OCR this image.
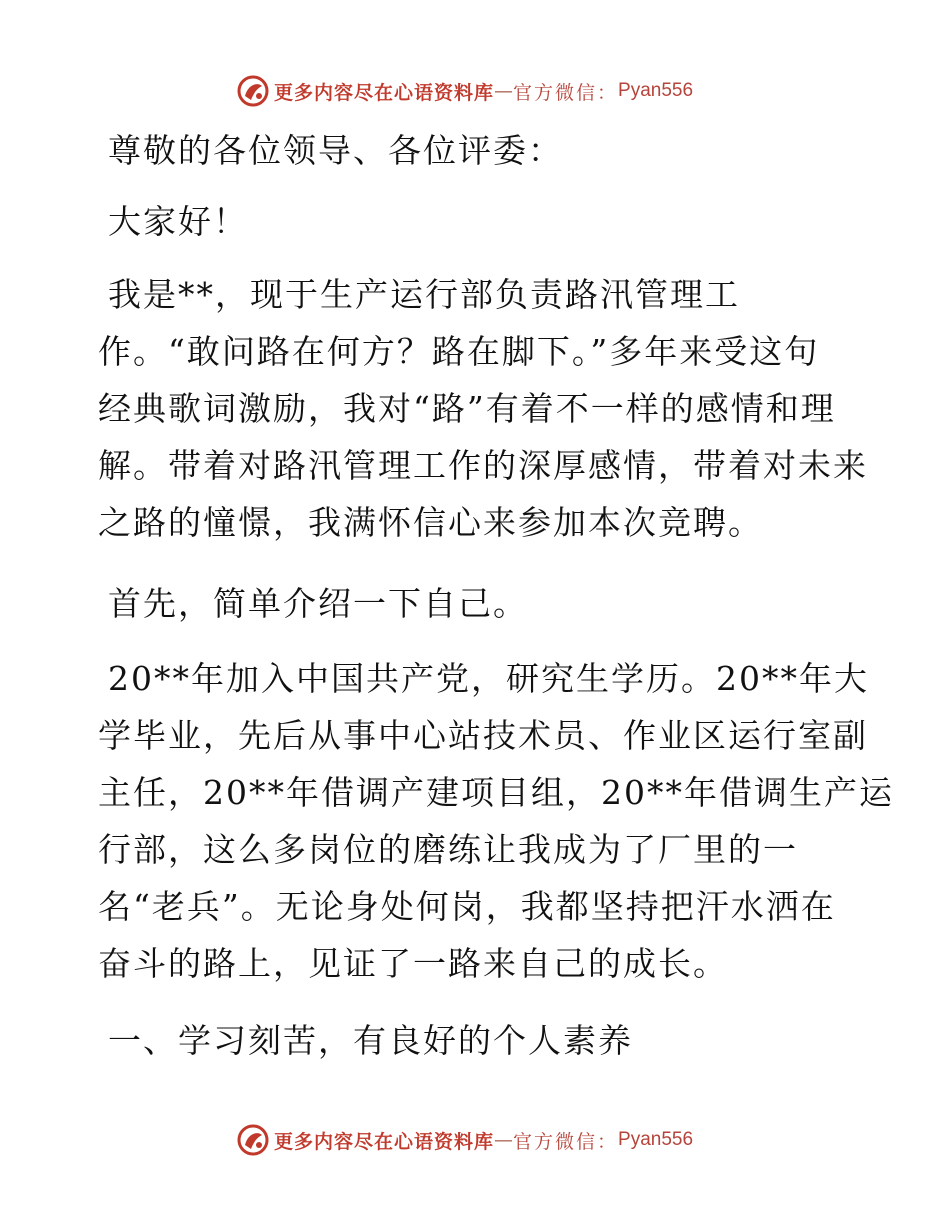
更多内容尽在心语资料库 — 官方微信： Pyan556
尊敬的各位领导、各位评委：
大家好！
我是**，现于生产运行部负责路汛管理工
作。“敢问路在何方？路在脚下。”多年来受这句
经典歌词激励，我对“路”有着不一样的感情和理
解。带着对路汛管理工作的深厚感情，带着对未来
之路的憧憬，我满怀信心来参加本次竞聘。
首先，简单介绍一下自己。
20**年加入中国共产党，研究生学历。20**年大
学毕业，先后从事中心站技术员、作业区运行室副
主任，20**年借调产建项目组，20**年借调生产运
行部，这么多岗位的磨练让我成为了厂里的一
名“老兵”。无论身处何岗，我都坚持把汗水洒在
奋斗的路上，见证了一路来自己的成长。
一、学习刻苦，有良好的个人素养
更多内容尽在心语资料库 — 官方微信： Pyan556
